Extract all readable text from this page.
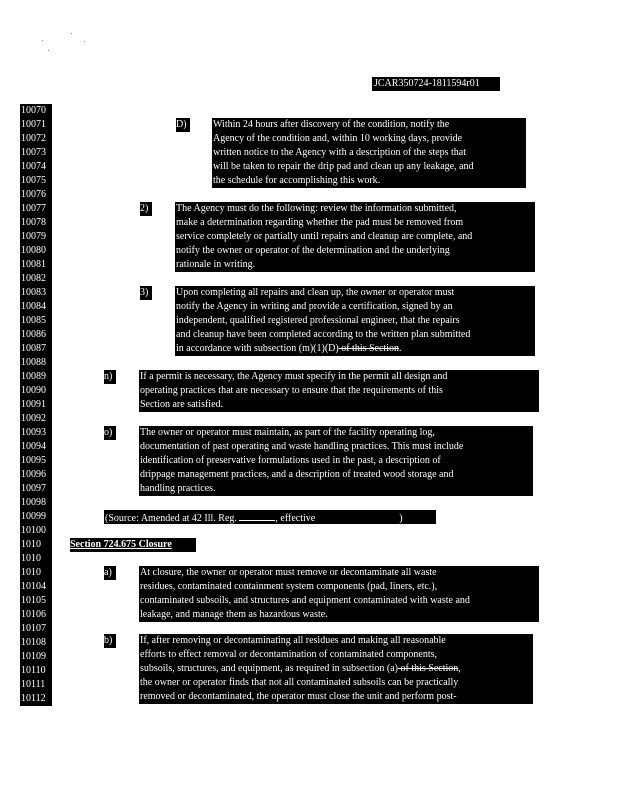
JCAR350724-1811594r01
10070
10071
10072
10073
10074
10075
10076
10077
10078
10079
10080
10081
10082
10083
10084
10085
10086
10087
10088
10089
10090
10091
10092
10093
10094
10095
10096
10097
10098
10099
10100
1010
1010
1010
10104
10105
10106
10107
10108
10109
10110
10111
10112
D)	Within 24 hours after discovery of the condition, notify the
Agency of the condition and, within 10 working days, provide
written notice to the Agency with a description of the steps that
will be taken to repair the drip pad and clean up any leakage, and
the schedule for accomplishing this work.
2)	The Agency must do the following: review the information submitted,
make a determination regarding whether the pad must be removed from
service completely or partially until repairs and cleanup are complete, and
notify the owner or operator of the determination and the underlying
rationale in writing.
3)	Upon completing all repairs and clean up, the owner or operator must
notify the Agency in writing and provide a certification, signed by an
independent, qualified registered professional engineer, that the repairs
and cleanup have been completed according to the written plan submitted
in accordance with subsection (m)(1)(D) of this Section.
n)	If a permit is necessary, the Agency must specify in the permit all design and
operating practices that are necessary to ensure that the requirements of this
Section are satisfied.
o)	The owner or operator must maintain, as part of the facility operating log,
documentation of past operating and waste handling practices. This must include
identification of preservative formulations used in the past, a description of
drippage management practices, and a description of treated wood storage and
handling practices.
(Source: Amended at 42 Ill. Reg.	, effective	)
Section 724.675 Closure
a)	At closure, the owner or operator must remove or decontaminate all waste
residues, contaminated containment system components (pad, liners, etc.),
contaminated subsoils, and structures and equipment contaminated with waste and
leakage, and manage them as hazardous waste.
b)	If, after removing or decontaminating all residues and making all reasonable
efforts to effect removal or decontamination of contaminated components,
subsoils, structures, and equipment, as required in subsection (a) of this Section,
the owner or operator finds that not all contaminated subsoils can be practically
removed or decontaminated, the operator must close the unit and perform post-
